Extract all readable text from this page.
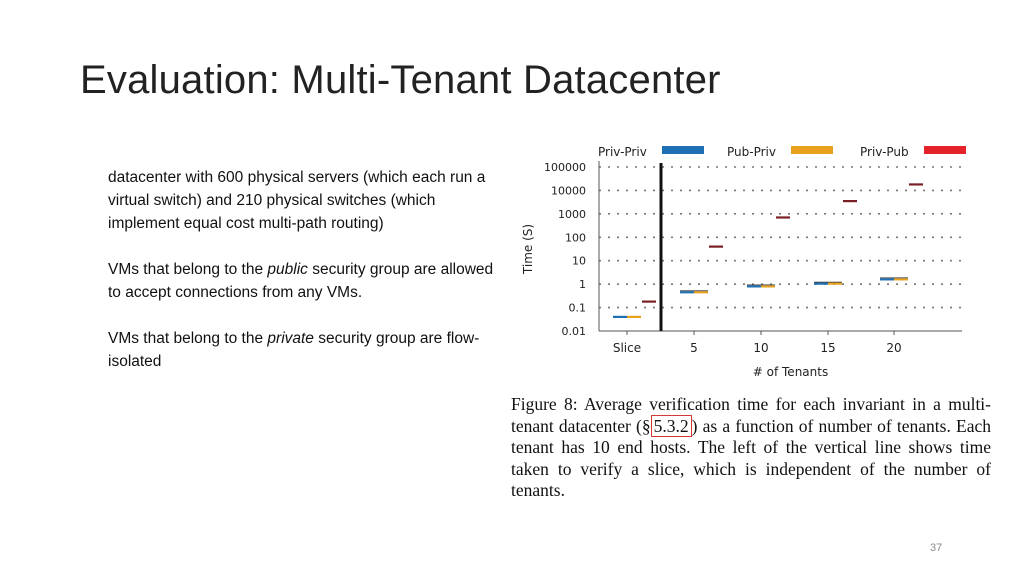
Evaluation: Multi-Tenant Datacenter

datacenter with 600 physical servers (which each run a virtual switch) and 210 physical switches (which implement equal cost multi-path routing)

VMs that belong to the public security group are allowed to accept connections from any VMs.

VMs that belong to the private security group are flow-isolated

100000
10000
1000
100
10
1
0.1
0.01
Slice	5	10	15	20
# of Tenants
Time (S)
Priv-Priv	Pub-Priv	Priv-Pub
Figure 8: Average verification time for each invariant in a multi-tenant datacenter (§ 5.3.2 ) as a function of number of tenants. Each tenant has 10 end hosts. The left of the vertical line shows time taken to verify a slice, which is independent of the number of tenants.
37
